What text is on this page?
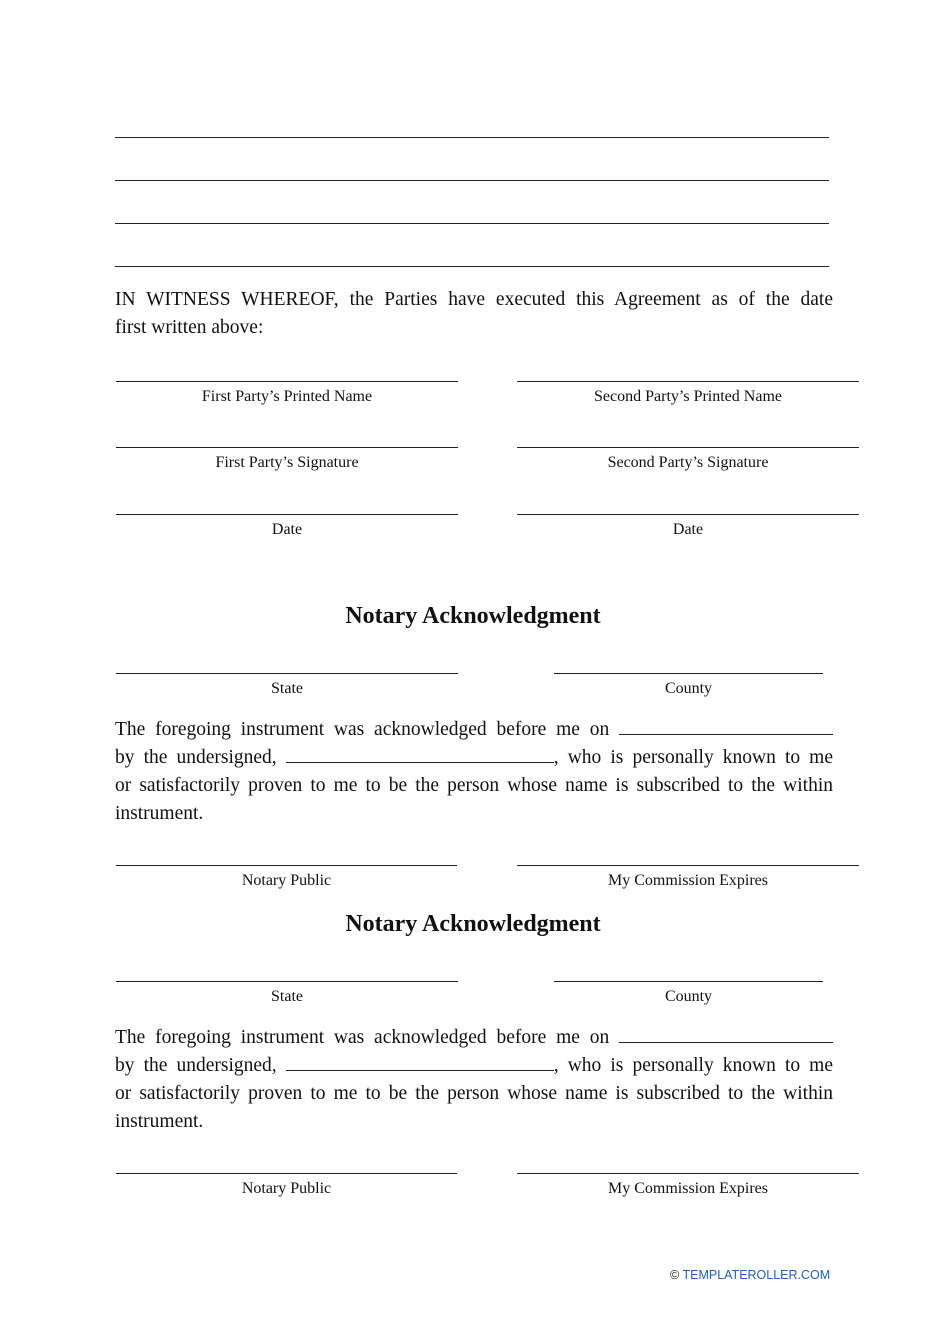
IN WITNESS WHEREOF, the Parties have executed this Agreement as of the date
first written above:
First Party’s Printed Name	Second Party’s Printed Name
First Party’s Signature	Second Party’s Signature
Date	Date
Notary Acknowledgment
State	County
The foregoing instrument was acknowledged before me on
by the undersigned,	, who is personally known to me
or satisfactorily proven to me to be the person whose name is subscribed to the within
instrument.
Notary Public	My Commission Expires
Notary Acknowledgment
State	County
The foregoing instrument was acknowledged before me on
by the undersigned,	, who is personally known to me
or satisfactorily proven to me to be the person whose name is subscribed to the within
instrument.
Notary Public	My Commission Expires
© TEMPLATEROLLER.COM
